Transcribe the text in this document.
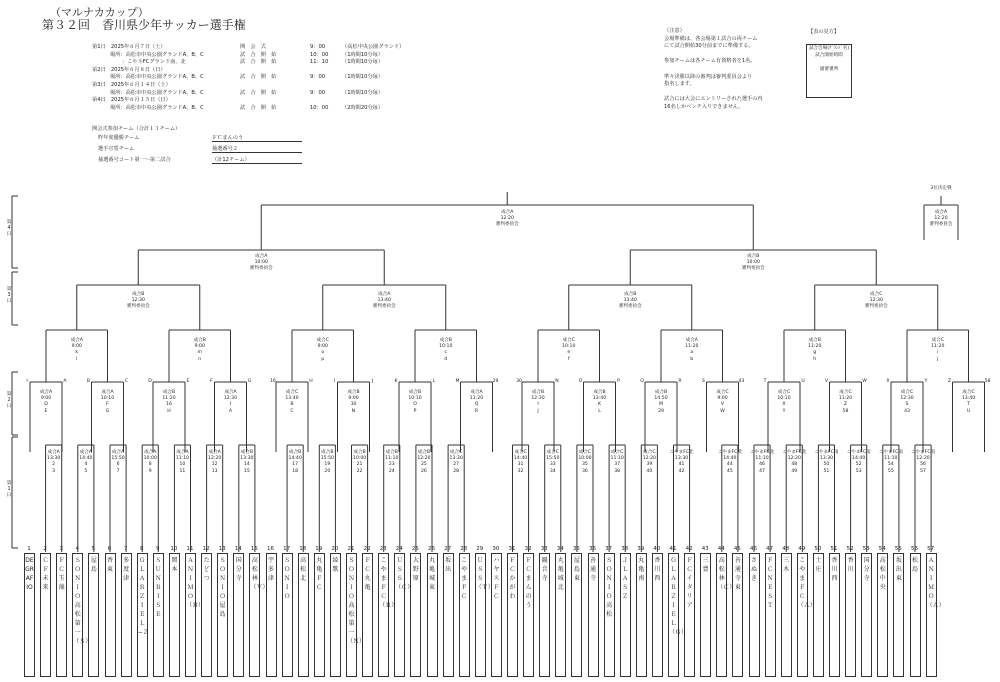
（マルナカカップ）
第３２回　香川県少年サッカー選手権
第1日　2025年６月７日（土）	開　会　式	9：00	（高松中央公園グランド）
場所：高松市中央公園グランドA、B、C	試　合　開　始	10：00	（1時間10分毎）
：こや斗FCグランド南、北	試　合　開　始	11：10	（1時間10分毎）
第2日　2025年６月８日（日）
場所：高松市中央公園グランドA、B、C	試　合　開　始	9：00	（1時間10分毎）
第3日　2025年６月１４日（土）
場所：高松市中央公園グランドA、B、C	試　合　開　始	9：00	（1時間10分毎）
第4日　2025年６月１５日（日）
場所：高松市中央公園グランドA、B、C	試　合　開　始	10：00	（2時間20分毎）
開会式参加チーム（合計１３チーム）
昨年度優勝チーム	ＦＣまんのう
選手宣誓チーム	抽選番号２
抽選番号コート第一〜第二試合	（計12チーム）
（注意）
会場準備は、各会場第１試合の両チーム
にて試合開始30分前までに準備する。

参加チームは各チーム有資格者を1名。

準々決勝以降の審判は審判委員会より
指名します。

試合には大会にエントリーされた選手の内
16名しかベンチ入りできません。
【表の見方】
試合会場(ｸﾞﾗﾝﾄﾞ名)
試合開始時間

副審審判
第4日
第3日
第2日
第1日
DEGRAFIO
1
ＣＦ未来
2
ＦＣ玉藻
3
ＳＯＮＩＯ高松第一（Ｓ）
4
屋島
5
香東
6
多度津
7
ＧＬＡＲＺＩＥＬ−Ｚ
8
ＳＵＮＲＩＳＥ
9
岡本
10
ＡＮＩＭＯ（Ｂ）
11
たどつ
12
ＳＯＮＩＯ屋島
13
国分寺
14
高松林（Ｖ）
15
宇多津
16
ＳＯＮＩＯ
17
高松北
18
丸亀ＦＣ
19
綾歌
20
ＳＯＮＩＯ高松第一（Ｎ）
21
ＦＣ丸亀
22
こやまＦＣ（Ｒ）
23
ＵＳＳ（Ｃ）
24
大野原
25
丸亀城東
26
坂出
27
こやまＦＣ
28
ＵＳＳ（Ｔ）
29
ハヤスＦＣ
30
ＦＣかがわ
31
ＦＣまんのう
32
観音寺
33
丸亀城北
34
屋島東
35
善通寺
36
ＳＯＮＩＯ高松
37
ＪＬＡＳＺ
38
丸亀南
39
香川西
40
ＧＬＡＲＺＩＥＬ（Ｇ）
41
ＦＣイタリア
42
三豊
43
高松林（Ｃ）
44
善通寺東
45
さぬき
46
ＦＣＮＥＳＴ
47
三木
48
こやまＦＣ（Ａ）
49
土庄
50
香川西
51
香川
52
国分寺
53
高松中央
54
坂出東
55
松島
56
ＡＮＩＭＯ（Ａ）
57
成合A
10:00
8
9
成合A
11:10
10
11
成合A
12:20
12
13
成合A
13:30
2
3
成合A
14:40
4
5
成合A
15:50
6
7
成合B
10:00
21
22
成合B
11:10
23
24
成合B
12:20
25
26
成合B
13:30
14
15
成合B
14:40
17
18
成合B
15:50
19
20
成合C
10:00
35
36
成合C
11:10
37
38
成合C
12:20
39
40
成合C
13:30
27
28
成合C
14:40
31
32
成合C
15:50
33
34
こやまFC北
11:10
46
47
こやまFC北
12:20
48
49
こやまFC北
13:30
41
42
こやまFC北
14:40
44
45
こやまFC南
11:10
54
55
こやまFC南
12:20
56
57
こやまFC南
13:30
50
51
こやまFC南
14:40
52
53
成合A
9:00
D
E
I	A
成合A
10:10
F
G
B	C
成合B
11:20
16
H
D	E
成合A
12:30
I
A
F	G
成合C
13:40
B
C
16	H
成合B
9:00
30
N
I	J
成合B
10:10
O
P
K	L
成合A
11:20
Q
R
M	29
成合B
12:30
I
J
30	N
成合B
13:40
K
L
O	P
成合B
14:50
M
29
Q	R
成合C
9:00
V
W
S	43
成合C
10:10
X
Y
T	U
成合C
11:20
Z
58
V	W
成合C
12:30
S
43
X	Y
成合C
13:40
T
U
Z	58
成合A
9:00
k
l
成合B
9:00
m
n
成合C
9:00
o
p
成合B
10:10
c
d
成合C
10:10
e
f
成合A
11:20
a
b
成合B
11:20
g
h
成合C
11:20
i
j
成合B
12:30
審判委員会
成合A
13:40
審判委員会
成合B
13:40
審判委員会
成合C
12:30
審判委員会
成合A
10:00
審判委員会
成合B
10:00
審判委員会
成合A
12:20
審判委員会
3位決定戦
成合A
12:20
審判委員会
